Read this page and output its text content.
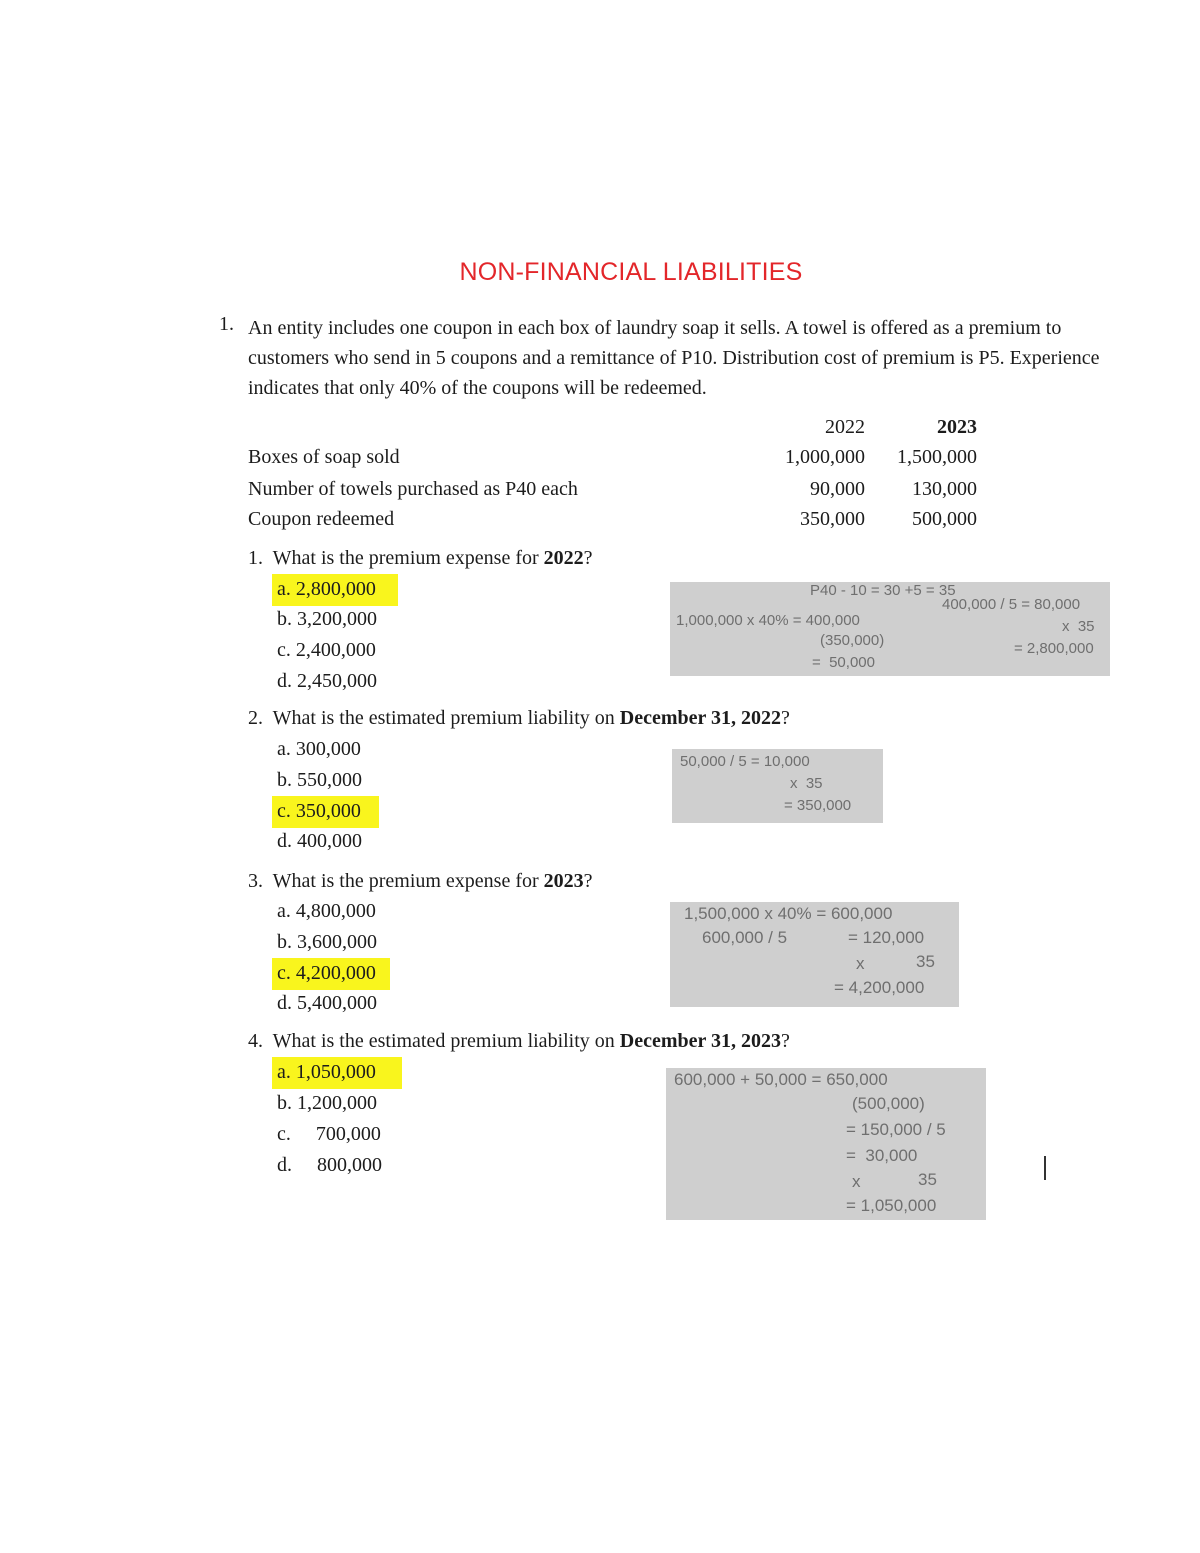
NON-FINANCIAL LIABILITIES
1. An entity includes one coupon in each box of laundry soap it sells. A towel is offered as a premium to
customers who send in 5 coupons and a remittance of P10. Distribution cost of premium is P5. Experience
indicates that only 40% of the coupons will be redeemed.
2022	2023
Boxes of soap sold	1,000,000	1,500,000
Number of towels purchased as P40 each	90,000	130,000
Coupon redeemed	350,000	500,000
1. What is the premium expense for 2022?
a. 2,800,000
b. 3,200,000
c. 2,400,000
d. 2,450,000
P40 - 10 = 30 +5 = 35
1,000,000 x 40% = 400,000
(350,000)
=  50,000
400,000 / 5 = 80,000
x  35
= 2,800,000
2. What is the estimated premium liability on December 31, 2022?
a. 300,000
b. 550,000
c. 350,000
d. 400,000
50,000 / 5 = 10,000
x  35
= 350,000
3. What is the premium expense for 2023?
a. 4,800,000
b. 3,600,000
c. 4,200,000
d. 5,400,000
1,500,000 x 40% = 600,000
600,000 / 5	= 120,000
x	35
= 4,200,000
4. What is the estimated premium liability on December 31, 2023?
a. 1,050,000
b. 1,200,000
c. 700,000
d. 800,000
600,000 + 50,000 = 650,000
(500,000)
= 150,000 / 5
=  30,000
x	35
= 1,050,000
